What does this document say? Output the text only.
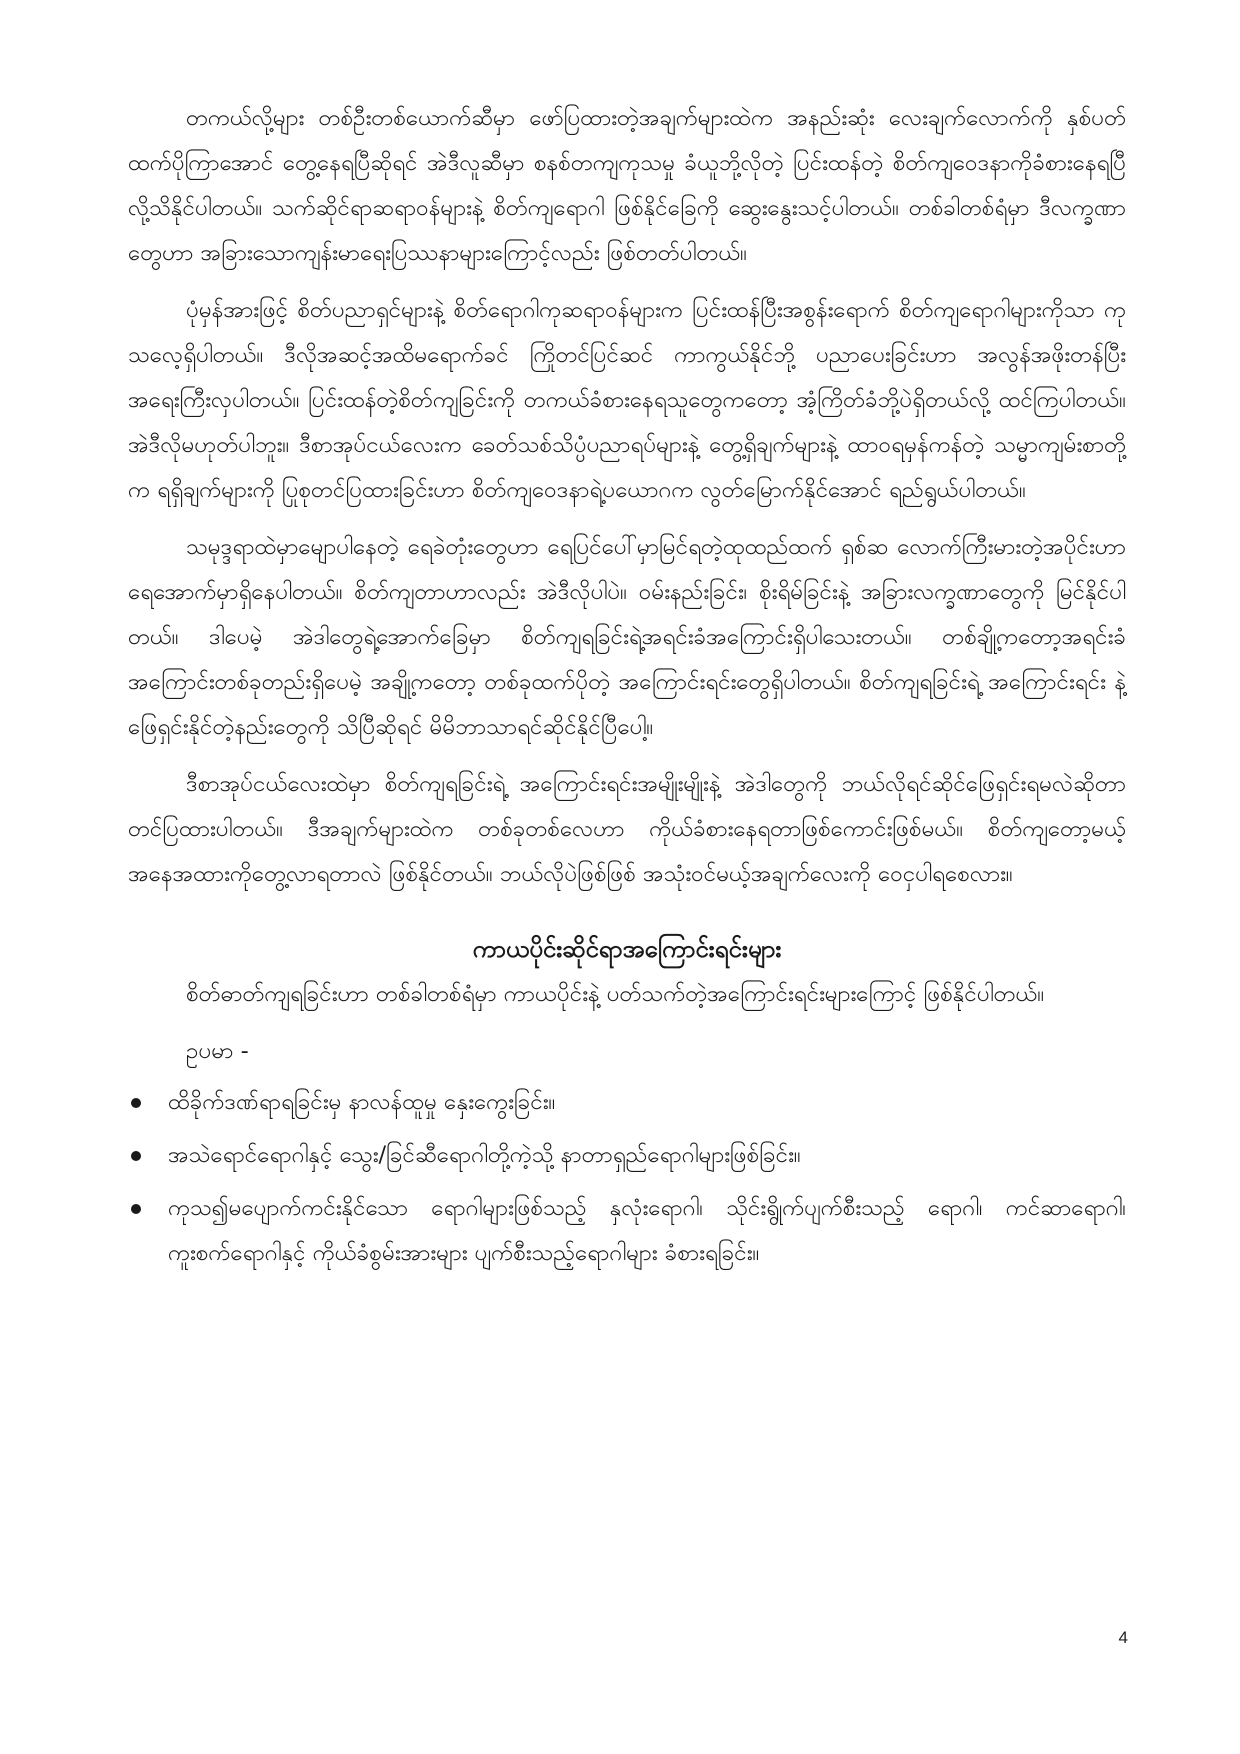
တကယ်လို့များ တစ်ဦးတစ်ယောက်ဆီမှာ ဖော်ပြထားတဲ့အချက်များထဲက အနည်းဆုံး လေးချက်လောက်ကို နှစ်ပတ်ထက်ပိုကြာအောင် တွေ့နေရပြီဆိုရင် အဲဒီလူဆီမှာ စနစ်တကျကုသမှု ခံယူဘို့လိုတဲ့ ပြင်းထန်တဲ့ စိတ်ကျဝေဒနာကိုခံစားနေရပြီလို့သိနိုင်ပါတယ်။ သက်ဆိုင်ရာဆရာဝန်များနဲ့ စိတ်ကျရောဂါ ဖြစ်နိုင်ခြေကို ဆွေးနွေးသင့်ပါတယ်။ တစ်ခါတစ်ရံမှာ ဒီလက္ခဏာတွေဟာ အခြားသောကျန်းမာရေးပြဿနာများကြောင့်လည်း ဖြစ်တတ်ပါတယ်။

ပုံမှန်အားဖြင့် စိတ်ပညာရှင်များနဲ့ စိတ်ရောဂါကုဆရာဝန်များက ပြင်းထန်ပြီးအစွန်းရောက် စိတ်ကျရောဂါများကိုသာ ကုသလေ့ရှိပါတယ်။ ဒီလိုအဆင့်အထိမရောက်ခင် ကြိုတင်ပြင်ဆင် ကာကွယ်နိုင်ဘို့ ပညာပေးခြင်းဟာ အလွန်အဖိုးတန်ပြီး အရေးကြီးလှပါတယ်။ ပြင်းထန်တဲ့စိတ်ကျခြင်းကို တကယ်ခံစားနေရသူတွေကတော့ အံ့ကြိတ်ခံဘို့ပဲရှိတယ်လို့ ထင်ကြပါတယ်။ အဲဒီလိုမဟုတ်ပါဘူး။ ဒီစာအုပ်ငယ်လေးက ခေတ်သစ်သိပ္ပံပညာရပ်များနဲ့ တွေ့ရှိချက်များနဲ့ ထာဝရမှန်ကန်တဲ့ သမ္မာကျမ်းစာတို့က ရရှိချက်များကို ပြုစုတင်ပြထားခြင်းဟာ စိတ်ကျဝေဒနာရဲ့ပယောဂက လွတ်မြောက်နိုင်အောင် ရည်ရွယ်ပါတယ်။

သမုဒ္ဒရာထဲမှာမျောပါနေတဲ့ ရေခဲတုံးတွေဟာ ရေပြင်ပေါ်မှာမြင်ရတဲ့ထုထည်ထက် ရှစ်ဆ လောက်ကြီးမားတဲ့အပိုင်းဟာ ရေအောက်မှာရှိနေပါတယ်။ စိတ်ကျတာဟာလည်း အဲဒီလိုပါပဲ။ ဝမ်းနည်းခြင်း၊ စိုးရိမ်ခြင်းနဲ့ အခြားလက္ခဏာတွေကို မြင်နိုင်ပါတယ်။ ဒါပေမဲ့ အဲဒါတွေရဲ့အောက်ခြေမှာ စိတ်ကျရခြင်းရဲ့အရင်းခံအကြောင်းရှိပါသေးတယ်။ တစ်ချို့ကတော့အရင်းခံ အကြောင်းတစ်ခုတည်းရှိပေမဲ့ အချို့ကတော့ တစ်ခုထက်ပိုတဲ့ အကြောင်းရင်းတွေရှိပါတယ်။ စိတ်ကျရခြင်းရဲ့ အကြောင်းရင်း နဲ့ ဖြေရှင်းနိုင်တဲ့နည်းတွေကို သိပြီဆိုရင် မိမိဘာသာရင်ဆိုင်နိုင်ပြီပေါ့။

ဒီစာအုပ်ငယ်လေးထဲမှာ စိတ်ကျရခြင်းရဲ့ အကြောင်းရင်းအမျိုးမျိုးနဲ့ အဲဒါတွေကို ဘယ်လိုရင်ဆိုင်ဖြေရှင်းရမလဲဆိုတာ တင်ပြထားပါတယ်။ ဒီအချက်များထဲက တစ်ခုတစ်လေဟာ ကိုယ်ခံစားနေရတာဖြစ်ကောင်းဖြစ်မယ်။ စိတ်ကျတော့မယ့် အနေအထားကိုတွေ့လာရတာလဲ ဖြစ်နိုင်တယ်။ ဘယ်လိုပဲဖြစ်ဖြစ် အသုံးဝင်မယ့်အချက်လေးကို ဝေငှပါရစေလား။

ကာယပိုင်းဆိုင်ရာအကြောင်းရင်းများ

စိတ်ဓာတ်ကျရခြင်းဟာ တစ်ခါတစ်ရံမှာ ကာယပိုင်းနဲ့ ပတ်သက်တဲ့အကြောင်းရင်းများကြောင့် ဖြစ်နိုင်ပါတယ်။

ဥပမာ -

ထိခိုက်ဒဏ်ရာရခြင်းမှ နာလန်ထူမှု နှေးကွေးခြင်း။
အသဲရောင်ရောဂါနှင့် သွေး/ခြင်ဆီရောဂါတို့ကဲ့သို့ နာတာရှည်ရောဂါများဖြစ်ခြင်း။
ကုသ၍မပျောက်ကင်းနိုင်သော ရောဂါများဖြစ်သည့် နှလုံးရောဂါ၊ သိုင်းရွိုက်ပျက်စီးသည့် ရောဂါ၊ ကင်ဆာရောဂါ၊ ကူးစက်ရောဂါနှင့် ကိုယ်ခံစွမ်းအားများ ပျက်စီးသည့်ရောဂါများ ခံစားရခြင်း။
4
